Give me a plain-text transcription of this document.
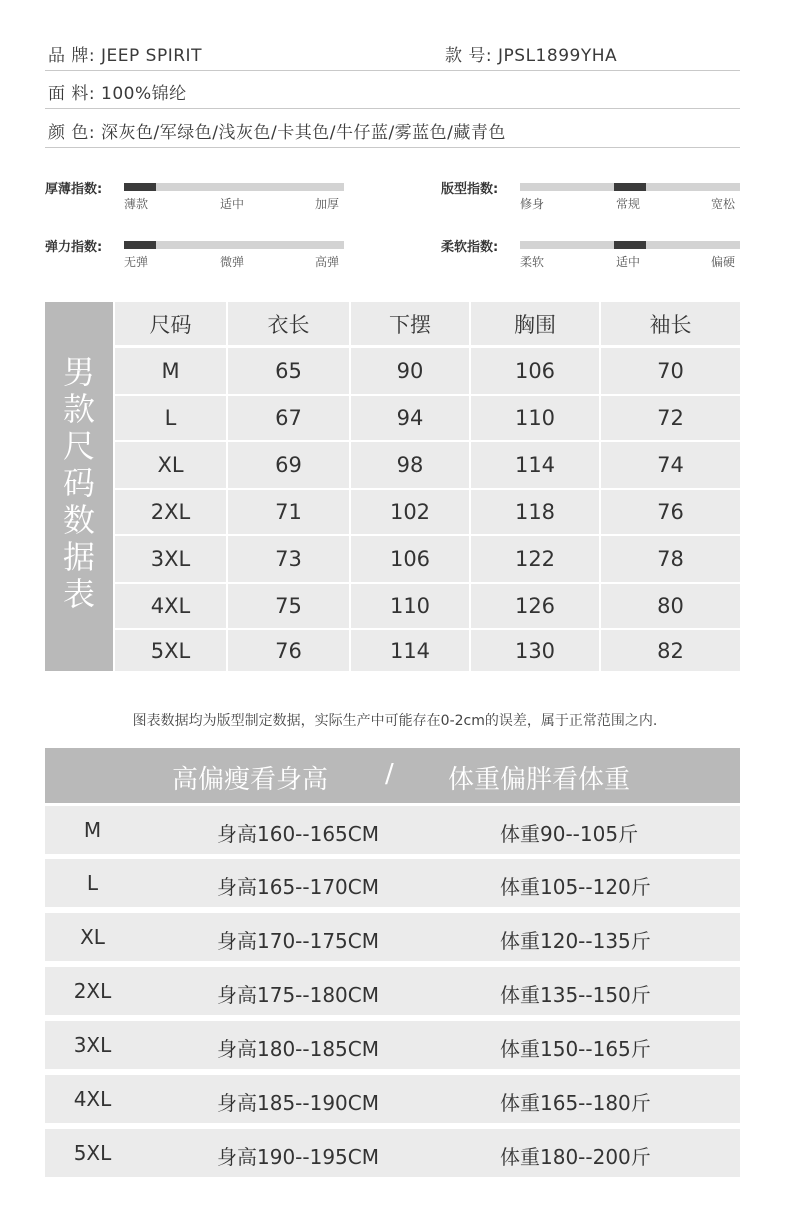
品 牌: JEEP SPIRIT	款 号: JPSL1899YHA
面 料: 100%锦纶
颜 色: 深灰色/军绿色/浅灰色/卡其色/牛仔蓝/雾蓝色/藏青色
厚薄指数:
薄款	适中	加厚
版型指数:
修身	常规	宽松
弹力指数:
无弹	微弹	高弹
柔软指数:
柔软	适中	偏硬
男款尺码数据表
尺码	衣长	下摆	胸围	袖长
M	65	90	106	70
L	67	94	110	72
XL	69	98	114	74
2XL	71	102	118	76
3XL	73	106	122	78
4XL	75	110	126	80
5XL	76	114	130	82
图表数据均为版型制定数据，实际生产中可能存在0-2cm的误差，属于正常范围之内.
高偏瘦看身高 / 体重偏胖看体重
M	身高160--165CM	体重90--105斤
L	身高165--170CM	体重105--120斤
XL	身高170--175CM	体重120--135斤
2XL	身高175--180CM	体重135--150斤
3XL	身高180--185CM	体重150--165斤
4XL	身高185--190CM	体重165--180斤
5XL	身高190--195CM	体重180--200斤
